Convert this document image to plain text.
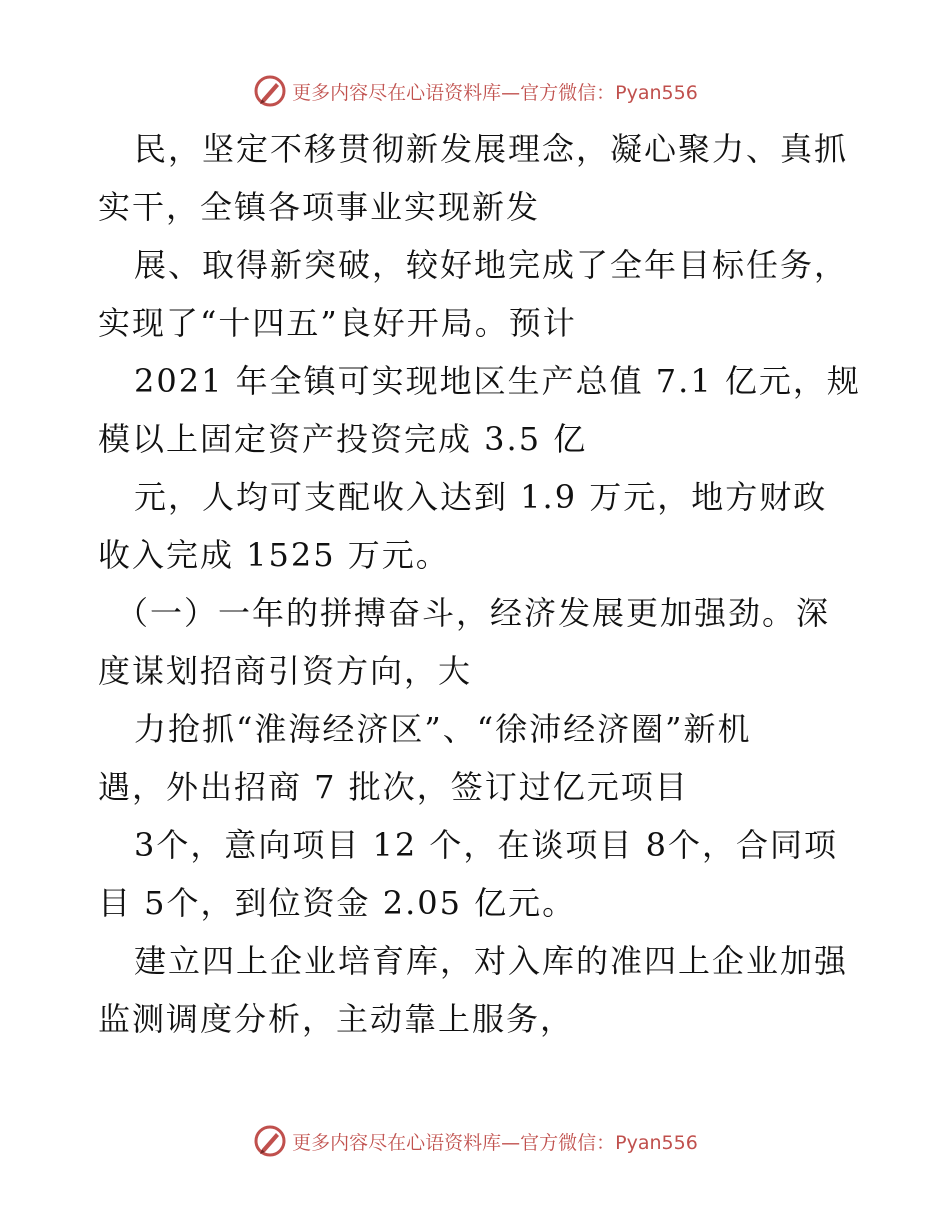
更多内容尽在心语资料库—官方微信：Pyan556
民，坚定不移贯彻新发展理念，凝心聚力、真抓
实干，全镇各项事业实现新发
展、取得新突破，较好地完成了全年目标任务，
实现了“十四五”良好开局。预计
2021 年全镇可实现地区生产总值 7.1 亿元，规
模以上固定资产投资完成 3.5 亿
元，人均可支配收入达到 1.9 万元，地方财政
收入完成 1525 万元。
（一）一年的拼搏奋斗，经济发展更加强劲。深
度谋划招商引资方向，大
力抢抓“淮海经济区”、“徐沛经济圈”新机
遇，外出招商 7 批次，签订过亿元项目
3个，意向项目 12 个，在谈项目 8个，合同项
目 5个，到位资金 2.05 亿元。
建立四上企业培育库，对入库的准四上企业加强
监测调度分析，主动靠上服务，
更多内容尽在心语资料库—官方微信：Pyan556
